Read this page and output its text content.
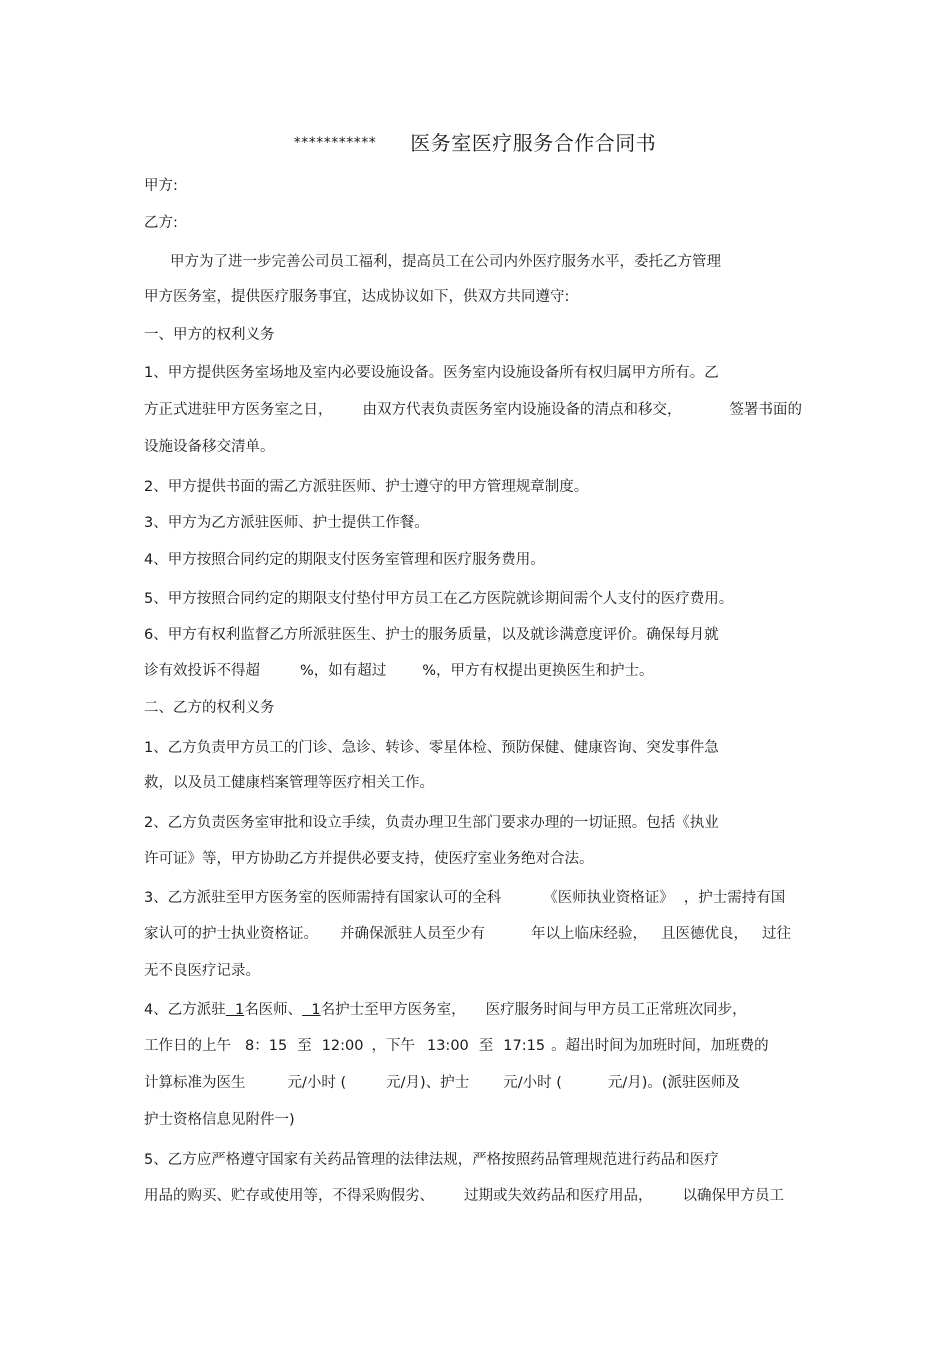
*********** 医务室医疗服务合作合同书

甲方:

乙方:

甲方为了进一步完善公司员工福利，提高员工在公司内外医疗服务水平，委托乙方管理

甲方医务室，提供医疗服务事宜，达成协议如下，供双方共同遵守:

一、甲方的权利义务

1、甲方提供医务室场地及室内必要设施设备。医务室内设施设备所有权归属甲方所有。乙

方正式进驻甲方医务室之日， 由双方代表负责医务室内设施设备的清点和移交，	签署书面的

设施设备移交清单。

2、甲方提供书面的需乙方派驻医师、护士遵守的甲方管理规章制度。

3、甲方为乙方派驻医师、护士提供工作餐。

4、甲方按照合同约定的期限支付医务室管理和医疗服务费用。

5、甲方按照合同约定的期限支付垫付甲方员工在乙方医院就诊期间需个人支付的医疗费用。

6、甲方有权利监督乙方所派驻医生、护士的服务质量，以及就诊满意度评价。确保每月就

诊有效投诉不得超	%，如有超过 %，甲方有权提出更换医生和护士。

二、乙方的权利义务

1、乙方负责甲方员工的门诊、急诊、转诊、零星体检、预防保健、健康咨询、突发事件急

救，以及员工健康档案管理等医疗相关工作。

2、乙方负责医务室审批和设立手续，负责办理卫生部门要求办理的一切证照。包括《执业

许可证》等，甲方协助乙方并提供必要支持，使医疗室业务绝对合法。

3、乙方派驻至甲方医务室的医师需持有国家认可的全科	《医师执业资格证》 ，护士需持有国

家认可的护士执业资格证。 并确保派驻人员至少有	年以上临床经验， 且医德优良， 过往

无不良医疗记录。

4、乙方派驻 1名医师、 1名护士至甲方医务室， 医疗服务时间与甲方员工正常班次同步，

工作日的上午 8：15 至 12:00 ，下午 13:00 至 17:15 。超出时间为加班时间，加班费的

计算标准为医生	元/小时 (	元/月)、护士 元/小时 (	元/月)。(派驻医师及

护士资格信息见附件一)

5、乙方应严格遵守国家有关药品管理的法律法规，严格按照药品管理规范进行药品和医疗

用品的购买、贮存或使用等，不得采购假劣、 过期或失效药品和医疗用品， 以确保甲方员工
